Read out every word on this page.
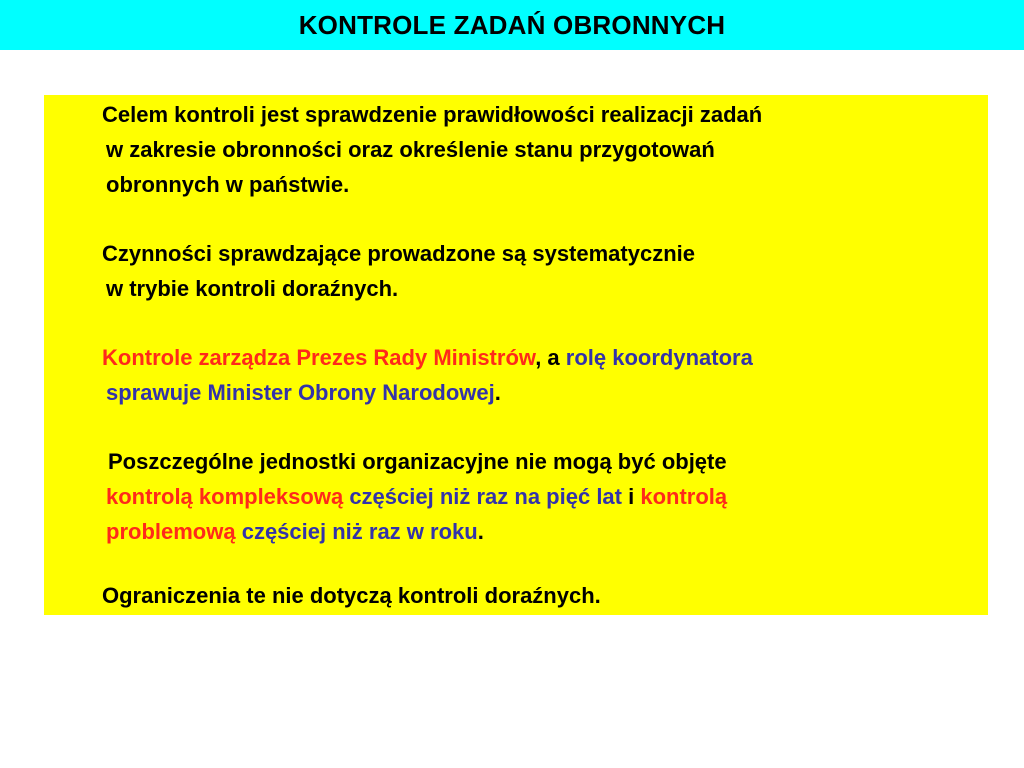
KONTROLE ZADAŃ OBRONNYCH
Celem kontroli jest sprawdzenie prawidłowości realizacji zadań
w zakresie obronności oraz określenie stanu przygotowań
obronnych w państwie.
Czynności sprawdzające prowadzone są systematycznie
w trybie kontroli doraźnych.
Kontrole zarządza Prezes Rady Ministrów, a rolę koordynatora
sprawuje Minister Obrony Narodowej.
Poszczególne jednostki organizacyjne nie mogą być objęte
kontrolą kompleksową częściej niż raz na pięć lat i kontrolą
problemową częściej niż raz w roku.
Ograniczenia te nie dotyczą kontroli doraźnych.
